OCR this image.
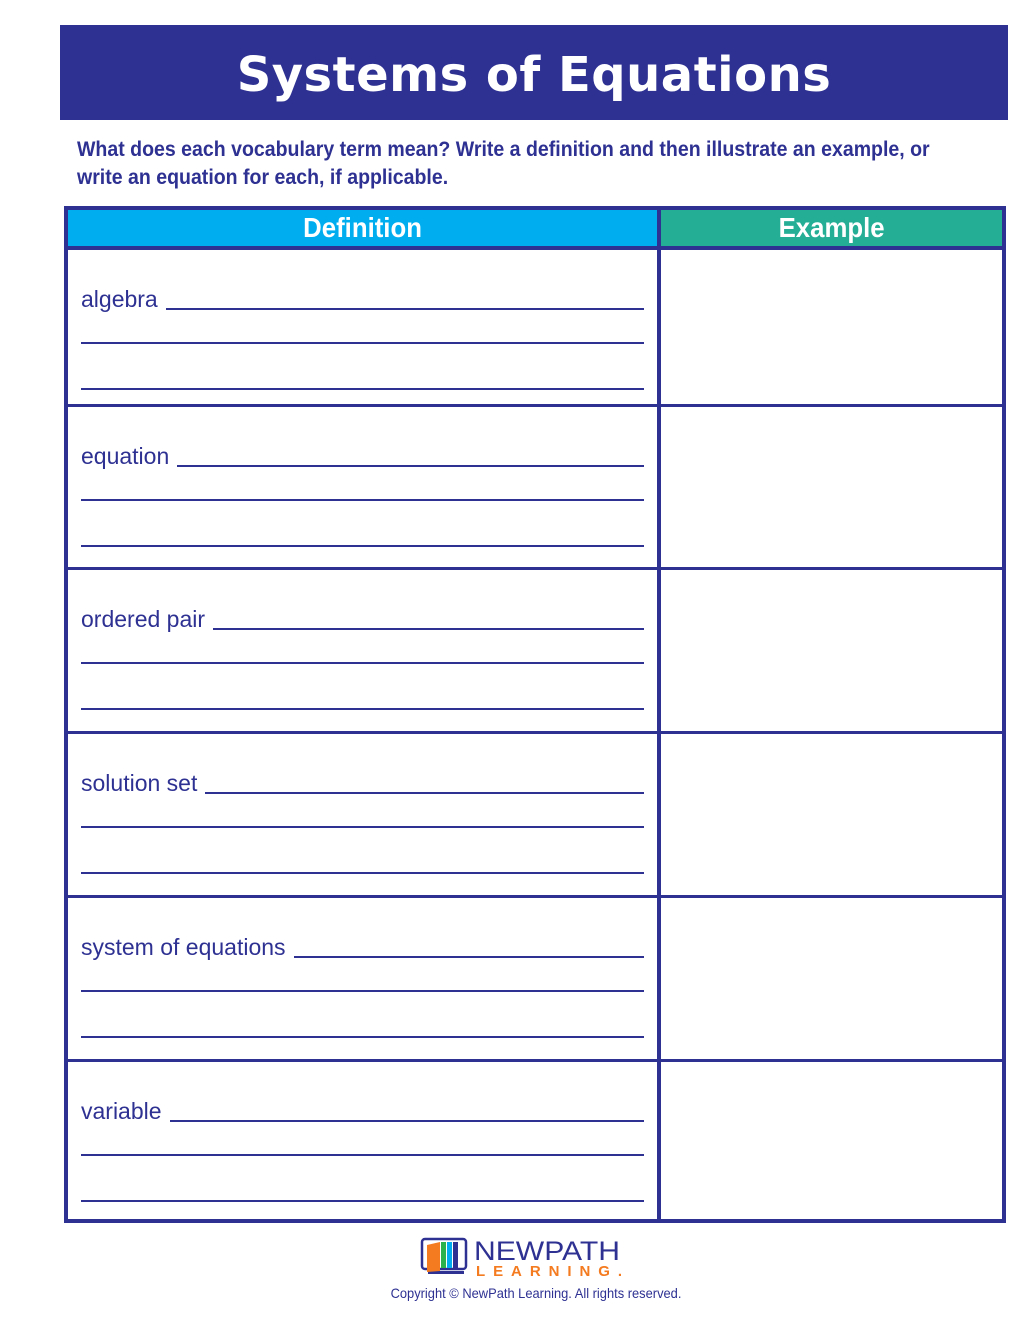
Systems of Equations
What does each vocabulary term mean? Write a definition and then illustrate an example, or write an equation for each, if applicable.
Definition	Example
algebra
equation
ordered pair
solution set
system of equations
variable
NEWPATH
LEARNING.
Copyright © NewPath Learning. All rights reserved.
